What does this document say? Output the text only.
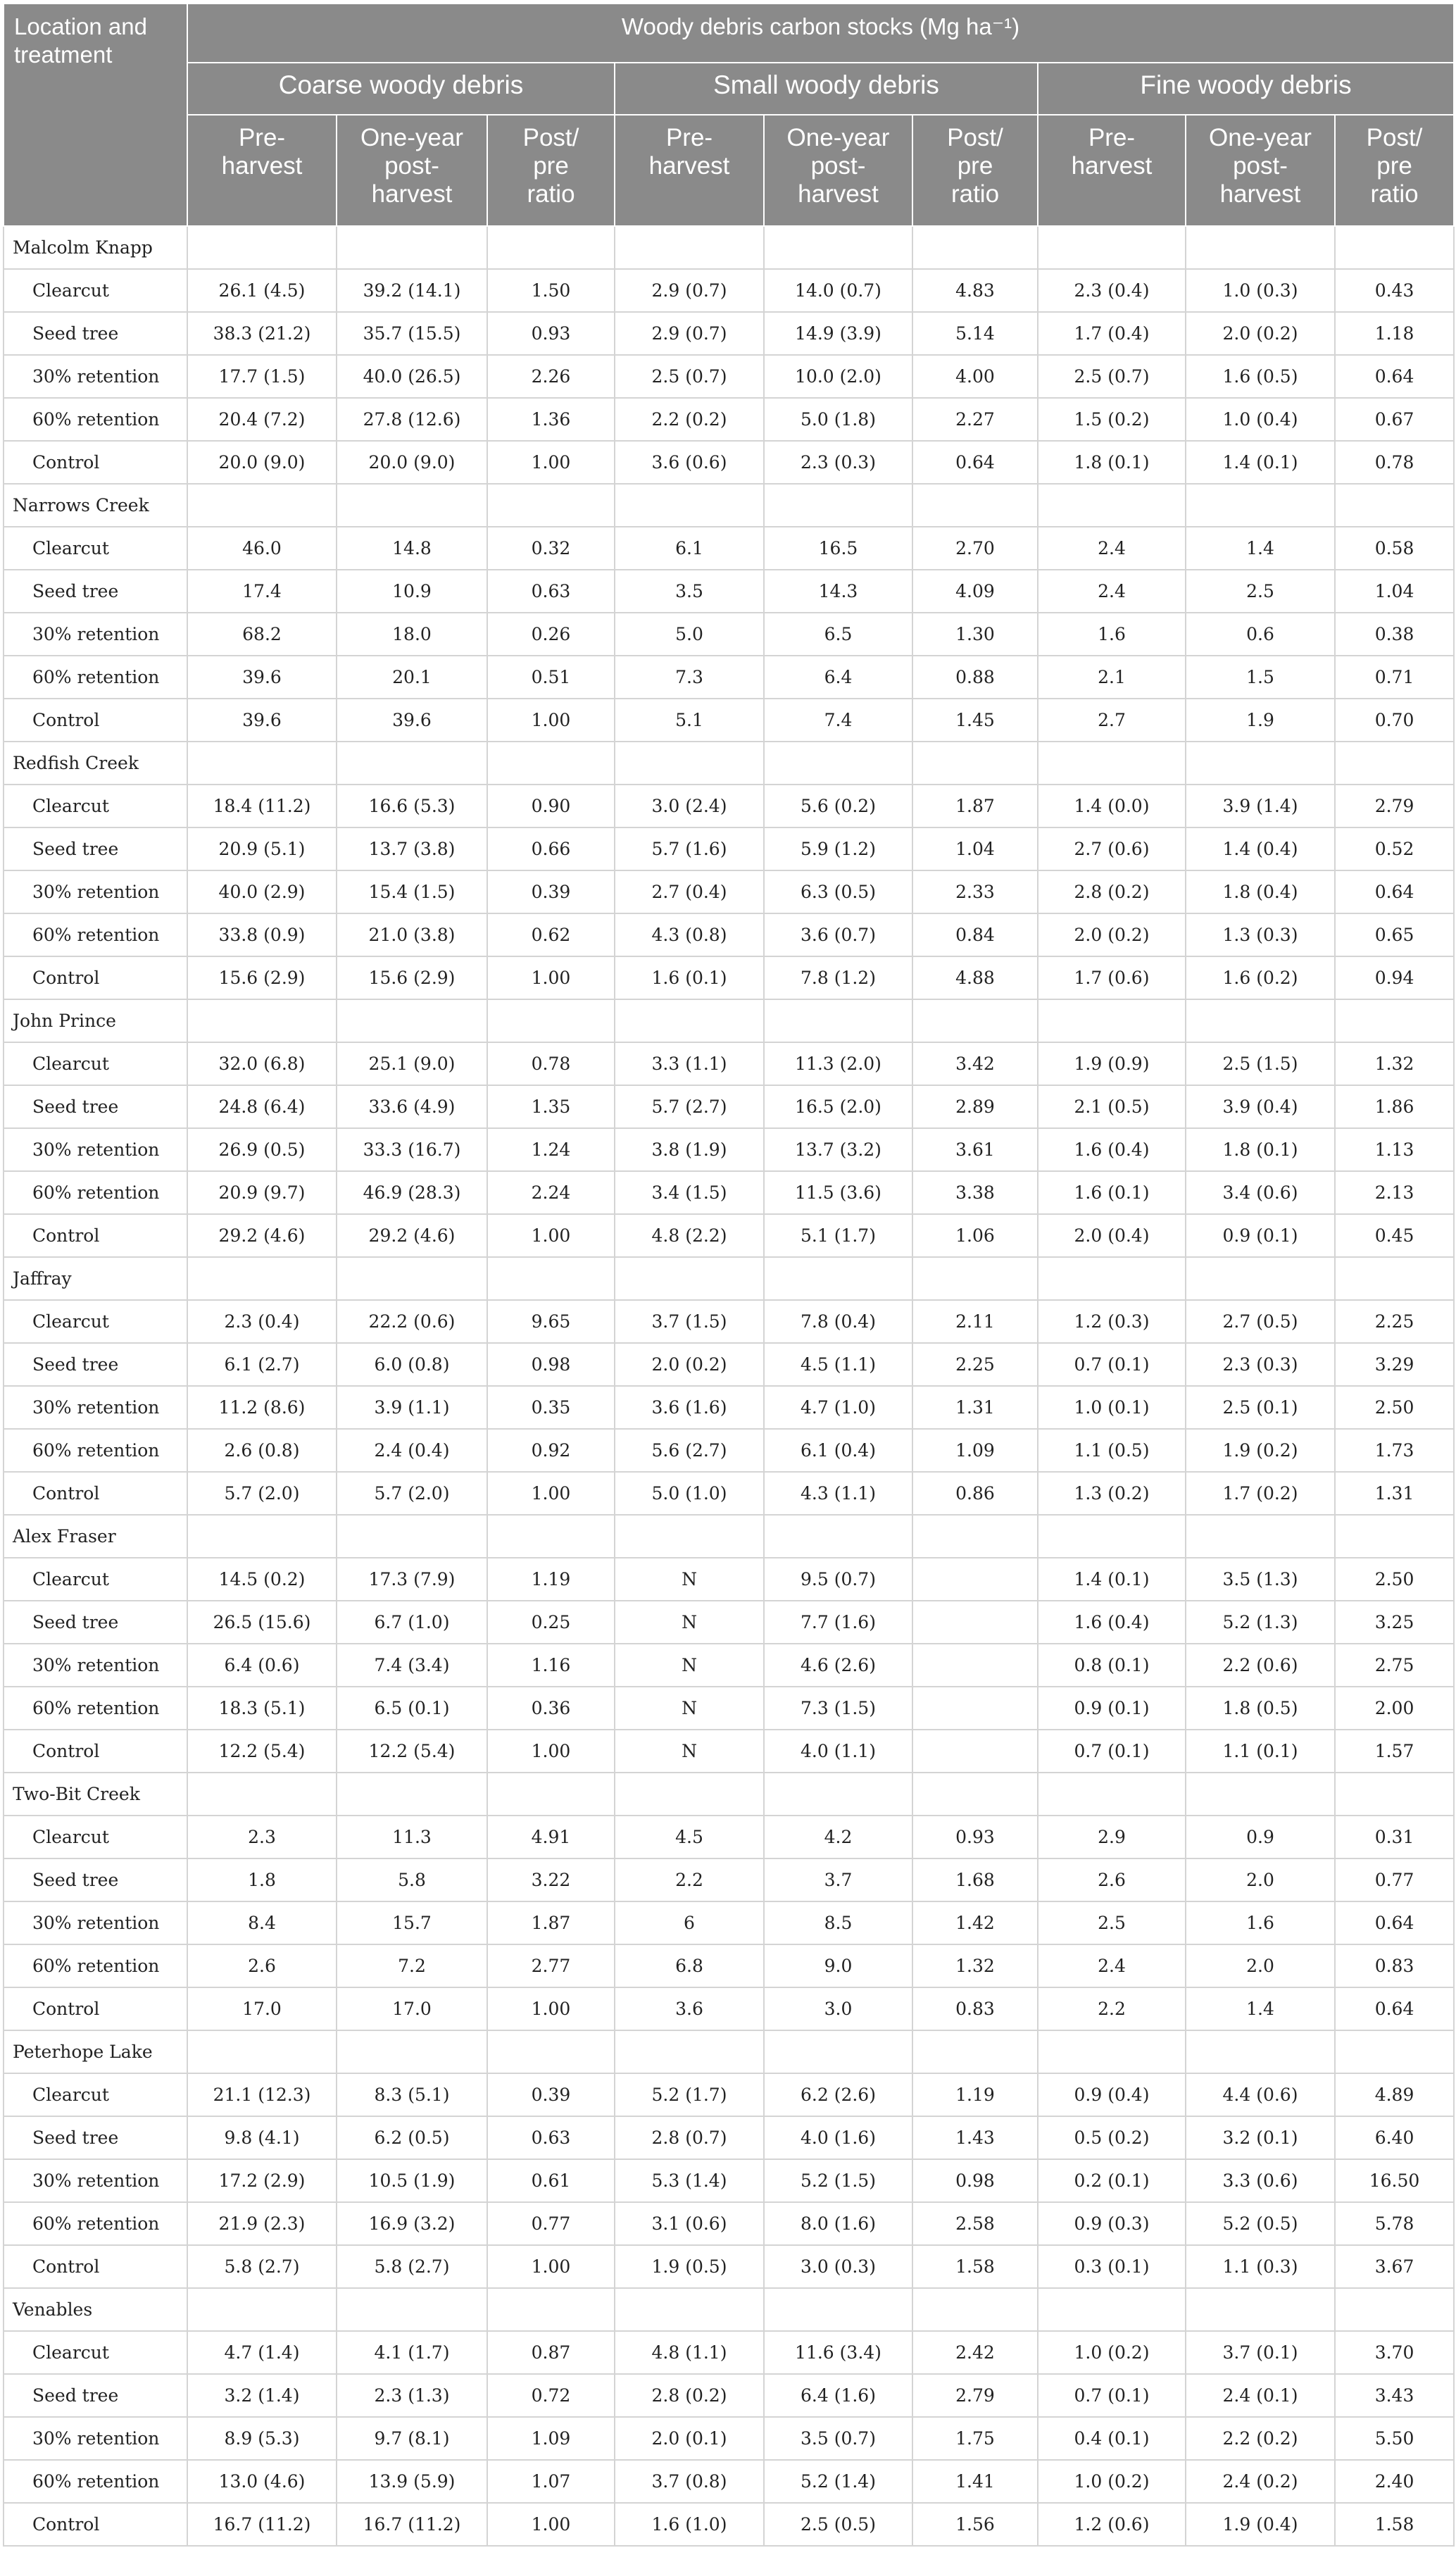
Location and treatment	Woody debris carbon stocks (Mg ha⁻¹)								
	Coarse woody debris			Small woody debris			Fine woody debris		
	Pre-harvest	One-year post-harvest	Post/ pre ratio	Pre-harvest	One-year post-harvest	Post/ pre ratio	Pre-harvest	One-year post-harvest	Post/ pre ratio
Malcolm Knapp									
Clearcut	26.1 (4.5)	39.2 (14.1)	1.50	2.9 (0.7)	14.0 (0.7)	4.83	2.3 (0.4)	1.0 (0.3)	0.43
Seed tree	38.3 (21.2)	35.7 (15.5)	0.93	2.9 (0.7)	14.9 (3.9)	5.14	1.7 (0.4)	2.0 (0.2)	1.18
30% retention	17.7 (1.5)	40.0 (26.5)	2.26	2.5 (0.7)	10.0 (2.0)	4.00	2.5 (0.7)	1.6 (0.5)	0.64
60% retention	20.4 (7.2)	27.8 (12.6)	1.36	2.2 (0.2)	5.0 (1.8)	2.27	1.5 (0.2)	1.0 (0.4)	0.67
Control	20.0 (9.0)	20.0 (9.0)	1.00	3.6 (0.6)	2.3 (0.3)	0.64	1.8 (0.1)	1.4 (0.1)	0.78
Narrows Creek									
Clearcut	46.0	14.8	0.32	6.1	16.5	2.70	2.4	1.4	0.58
Seed tree	17.4	10.9	0.63	3.5	14.3	4.09	2.4	2.5	1.04
30% retention	68.2	18.0	0.26	5.0	6.5	1.30	1.6	0.6	0.38
60% retention	39.6	20.1	0.51	7.3	6.4	0.88	2.1	1.5	0.71
Control	39.6	39.6	1.00	5.1	7.4	1.45	2.7	1.9	0.70
Redfish Creek									
Clearcut	18.4 (11.2)	16.6 (5.3)	0.90	3.0 (2.4)	5.6 (0.2)	1.87	1.4 (0.0)	3.9 (1.4)	2.79
Seed tree	20.9 (5.1)	13.7 (3.8)	0.66	5.7 (1.6)	5.9 (1.2)	1.04	2.7 (0.6)	1.4 (0.4)	0.52
30% retention	40.0 (2.9)	15.4 (1.5)	0.39	2.7 (0.4)	6.3 (0.5)	2.33	2.8 (0.2)	1.8 (0.4)	0.64
60% retention	33.8 (0.9)	21.0 (3.8)	0.62	4.3 (0.8)	3.6 (0.7)	0.84	2.0 (0.2)	1.3 (0.3)	0.65
Control	15.6 (2.9)	15.6 (2.9)	1.00	1.6 (0.1)	7.8 (1.2)	4.88	1.7 (0.6)	1.6 (0.2)	0.94
John Prince									
Clearcut	32.0 (6.8)	25.1 (9.0)	0.78	3.3 (1.1)	11.3 (2.0)	3.42	1.9 (0.9)	2.5 (1.5)	1.32
Seed tree	24.8 (6.4)	33.6 (4.9)	1.35	5.7 (2.7)	16.5 (2.0)	2.89	2.1 (0.5)	3.9 (0.4)	1.86
30% retention	26.9 (0.5)	33.3 (16.7)	1.24	3.8 (1.9)	13.7 (3.2)	3.61	1.6 (0.4)	1.8 (0.1)	1.13
60% retention	20.9 (9.7)	46.9 (28.3)	2.24	3.4 (1.5)	11.5 (3.6)	3.38	1.6 (0.1)	3.4 (0.6)	2.13
Control	29.2 (4.6)	29.2 (4.6)	1.00	4.8 (2.2)	5.1 (1.7)	1.06	2.0 (0.4)	0.9 (0.1)	0.45
Jaffray									
Clearcut	2.3 (0.4)	22.2 (0.6)	9.65	3.7 (1.5)	7.8 (0.4)	2.11	1.2 (0.3)	2.7 (0.5)	2.25
Seed tree	6.1 (2.7)	6.0 (0.8)	0.98	2.0 (0.2)	4.5 (1.1)	2.25	0.7 (0.1)	2.3 (0.3)	3.29
30% retention	11.2 (8.6)	3.9 (1.1)	0.35	3.6 (1.6)	4.7 (1.0)	1.31	1.0 (0.1)	2.5 (0.1)	2.50
60% retention	2.6 (0.8)	2.4 (0.4)	0.92	5.6 (2.7)	6.1 (0.4)	1.09	1.1 (0.5)	1.9 (0.2)	1.73
Control	5.7 (2.0)	5.7 (2.0)	1.00	5.0 (1.0)	4.3 (1.1)	0.86	1.3 (0.2)	1.7 (0.2)	1.31
Alex Fraser									
Clearcut	14.5 (0.2)	17.3 (7.9)	1.19	N	9.5 (0.7)		1.4 (0.1)	3.5 (1.3)	2.50
Seed tree	26.5 (15.6)	6.7 (1.0)	0.25	N	7.7 (1.6)		1.6 (0.4)	5.2 (1.3)	3.25
30% retention	6.4 (0.6)	7.4 (3.4)	1.16	N	4.6 (2.6)		0.8 (0.1)	2.2 (0.6)	2.75
60% retention	18.3 (5.1)	6.5 (0.1)	0.36	N	7.3 (1.5)		0.9 (0.1)	1.8 (0.5)	2.00
Control	12.2 (5.4)	12.2 (5.4)	1.00	N	4.0 (1.1)		0.7 (0.1)	1.1 (0.1)	1.57
Two-Bit Creek									
Clearcut	2.3	11.3	4.91	4.5	4.2	0.93	2.9	0.9	0.31
Seed tree	1.8	5.8	3.22	2.2	3.7	1.68	2.6	2.0	0.77
30% retention	8.4	15.7	1.87	6	8.5	1.42	2.5	1.6	0.64
60% retention	2.6	7.2	2.77	6.8	9.0	1.32	2.4	2.0	0.83
Control	17.0	17.0	1.00	3.6	3.0	0.83	2.2	1.4	0.64
Peterhope Lake									
Clearcut	21.1 (12.3)	8.3 (5.1)	0.39	5.2 (1.7)	6.2 (2.6)	1.19	0.9 (0.4)	4.4 (0.6)	4.89
Seed tree	9.8 (4.1)	6.2 (0.5)	0.63	2.8 (0.7)	4.0 (1.6)	1.43	0.5 (0.2)	3.2 (0.1)	6.40
30% retention	17.2 (2.9)	10.5 (1.9)	0.61	5.3 (1.4)	5.2 (1.5)	0.98	0.2 (0.1)	3.3 (0.6)	16.50
60% retention	21.9 (2.3)	16.9 (3.2)	0.77	3.1 (0.6)	8.0 (1.6)	2.58	0.9 (0.3)	5.2 (0.5)	5.78
Control	5.8 (2.7)	5.8 (2.7)	1.00	1.9 (0.5)	3.0 (0.3)	1.58	0.3 (0.1)	1.1 (0.3)	3.67
Venables									
Clearcut	4.7 (1.4)	4.1 (1.7)	0.87	4.8 (1.1)	11.6 (3.4)	2.42	1.0 (0.2)	3.7 (0.1)	3.70
Seed tree	3.2 (1.4)	2.3 (1.3)	0.72	2.8 (0.2)	6.4 (1.6)	2.79	0.7 (0.1)	2.4 (0.1)	3.43
30% retention	8.9 (5.3)	9.7 (8.1)	1.09	2.0 (0.1)	3.5 (0.7)	1.75	0.4 (0.1)	2.2 (0.2)	5.50
60% retention	13.0 (4.6)	13.9 (5.9)	1.07	3.7 (0.8)	5.2 (1.4)	1.41	1.0 (0.2)	2.4 (0.2)	2.40
Control	16.7 (11.2)	16.7 (11.2)	1.00	1.6 (1.0)	2.5 (0.5)	1.56	1.2 (0.6)	1.9 (0.4)	1.58
